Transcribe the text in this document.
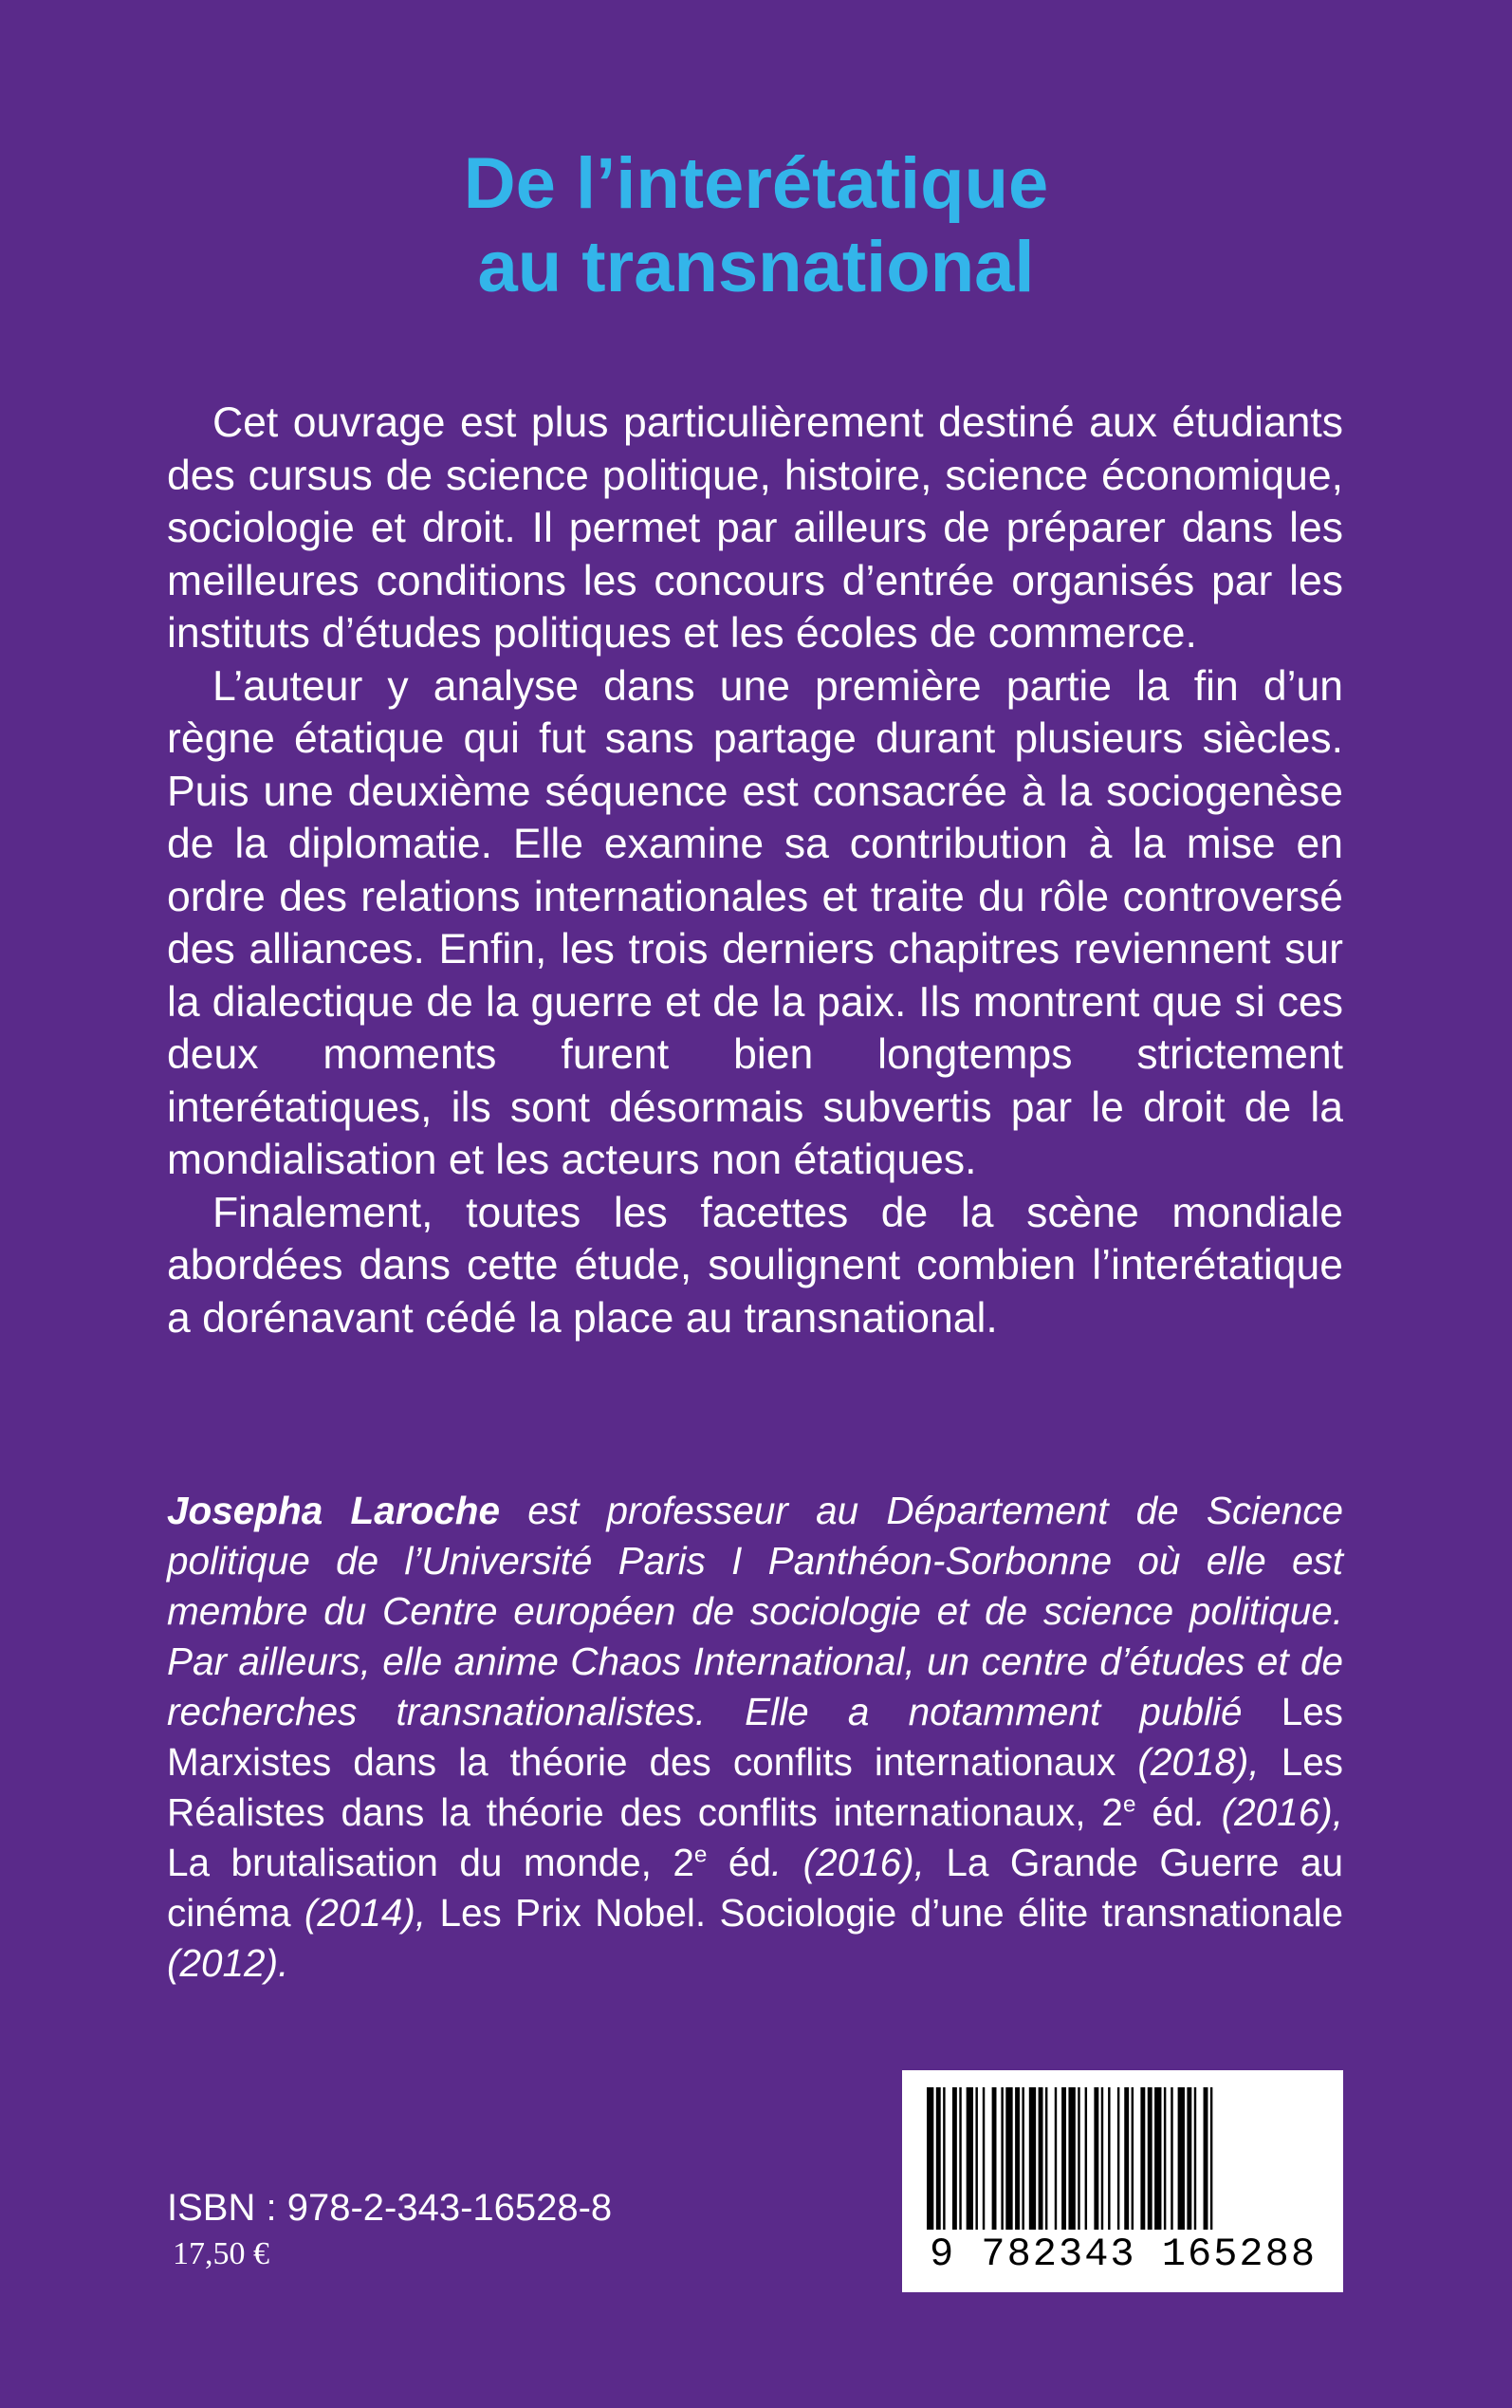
De l’interétatique
au transnational

Cet ouvrage est plus particulièrement destiné aux étudiants des cursus de science politique, histoire, science économique, sociologie et droit. Il permet par ailleurs de préparer dans les meilleures conditions les concours d’entrée organisés par les instituts d’études politiques et les écoles de commerce.

L’auteur y analyse dans une première partie la fin d’un règne étatique qui fut sans partage durant plusieurs siècles. Puis une deuxième séquence est consacrée à la sociogenèse de la diplomatie. Elle examine sa contribution à la mise en ordre des relations internationales et traite du rôle controversé des alliances. Enfin, les trois derniers chapitres reviennent sur la dialectique de la guerre et de la paix. Ils montrent que si ces deux moments furent bien longtemps strictement interétatiques, ils sont désormais subvertis par le droit de la mondialisation et les acteurs non étatiques.

Finalement, toutes les facettes de la scène mondiale abordées dans cette étude, soulignent combien l’interétatique a dorénavant cédé la place au transnational.

Josepha Laroche est professeur au Département de Science politique de l’Université Paris I Panthéon-Sorbonne où elle est membre du Centre européen de sociologie et de science politique. Par ailleurs, elle anime Chaos International, un centre d’études et de recherches transnationalistes. Elle a notamment publié Les Marxistes dans la théorie des conflits internationaux (2018), Les Réalistes dans la théorie des conflits internationaux, 2e éd. (2016), La brutalisation du monde, 2e éd. (2016), La Grande Guerre au cinéma (2014), Les Prix Nobel. Sociologie d’une élite transnationale (2012).
ISBN : 978-2-343-16528-8
17,50 €	9 782343 165288
